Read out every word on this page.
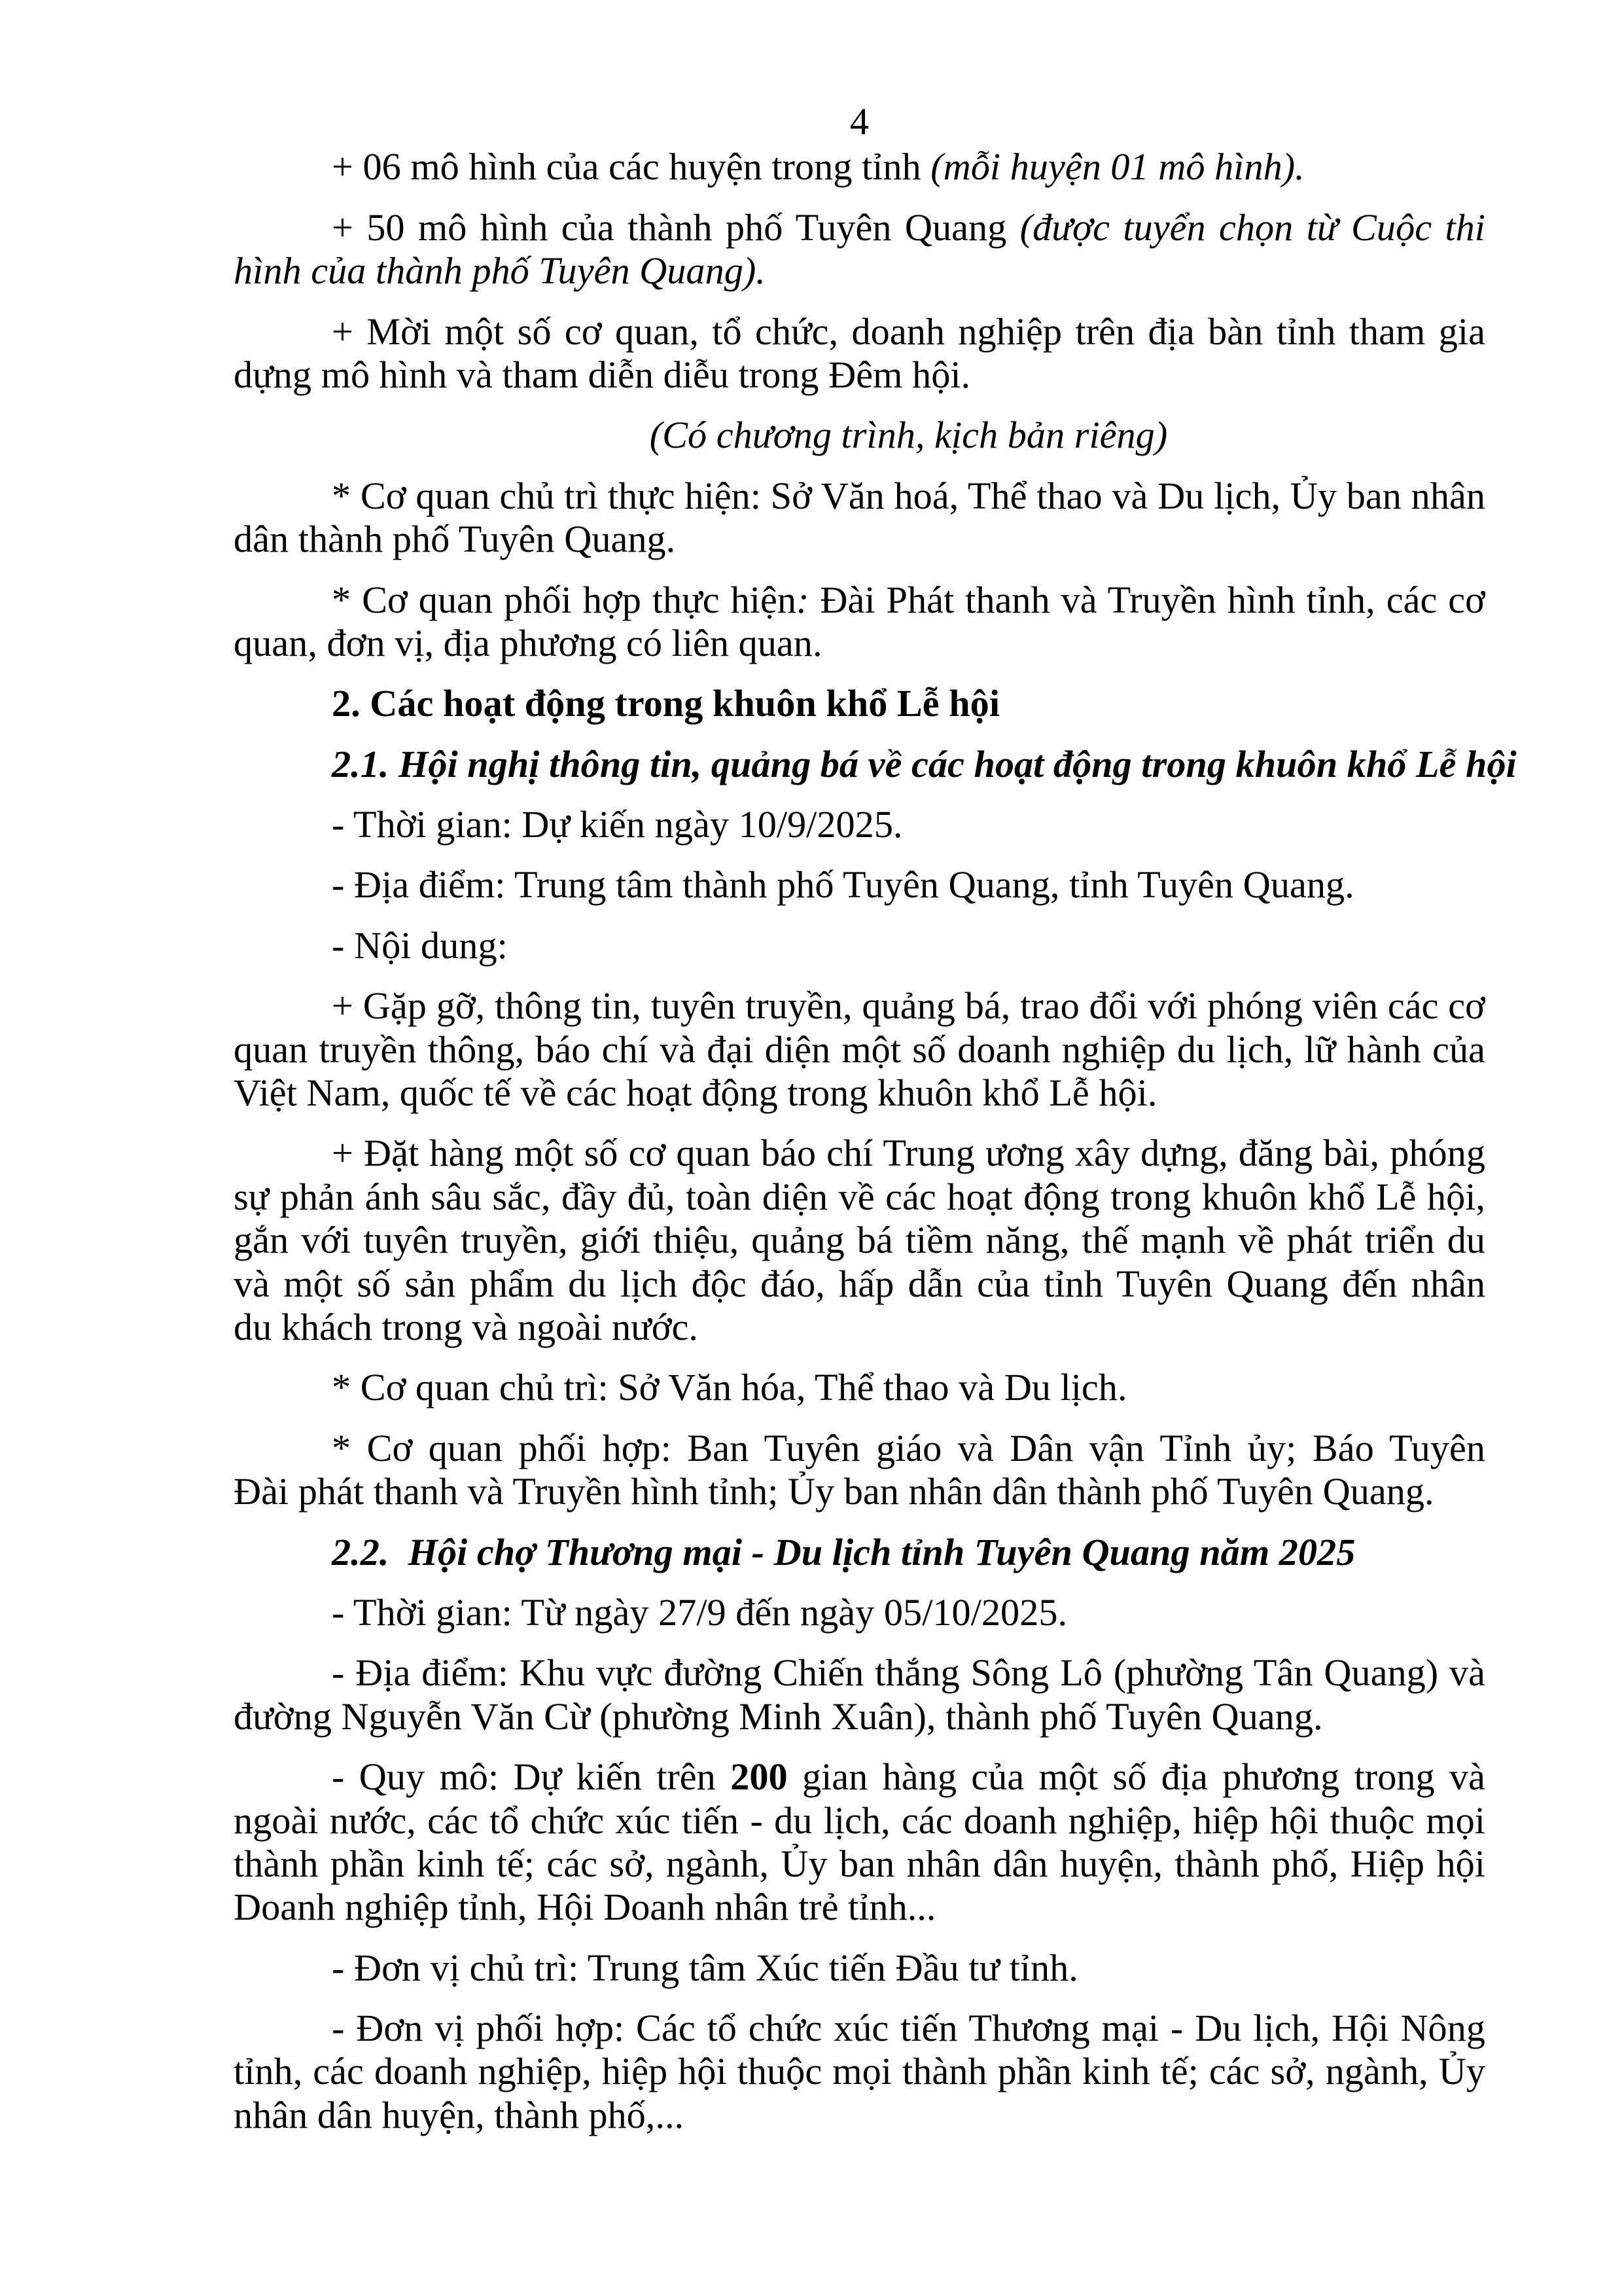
4
+ 06 mô hình của các huyện trong tỉnh (mỗi huyện 01 mô hình).
+ 50 mô hình của thành phố Tuyên Quang (được tuyển chọn từ Cuộc thi
hình của thành phố Tuyên Quang).
+ Mời một số cơ quan, tổ chức, doanh nghiệp trên địa bàn tỉnh tham gia
dựng mô hình và tham diễn diễu trong Đêm hội.
(Có chương trình, kịch bản riêng)
* Cơ quan chủ trì thực hiện: Sở Văn hoá, Thể thao và Du lịch, Ủy ban nhân
dân thành phố Tuyên Quang.
* Cơ quan phối hợp thực hiện: Đài Phát thanh và Truyền hình tỉnh, các cơ
quan, đơn vị, địa phương có liên quan.
2. Các hoạt động trong khuôn khổ Lễ hội
2.1. Hội nghị thông tin, quảng bá về các hoạt động trong khuôn khổ Lễ hội
- Thời gian: Dự kiến ngày 10/9/2025.
- Địa điểm: Trung tâm thành phố Tuyên Quang, tỉnh Tuyên Quang.
- Nội dung:
+ Gặp gỡ, thông tin, tuyên truyền, quảng bá, trao đổi với phóng viên các cơ
quan truyền thông, báo chí và đại diện một số doanh nghiệp du lịch, lữ hành của
Việt Nam, quốc tế về các hoạt động trong khuôn khổ Lễ hội.
+ Đặt hàng một số cơ quan báo chí Trung ương xây dựng, đăng bài, phóng
sự phản ánh sâu sắc, đầy đủ, toàn diện về các hoạt động trong khuôn khổ Lễ hội,
gắn với tuyên truyền, giới thiệu, quảng bá tiềm năng, thế mạnh về phát triển du
và một số sản phẩm du lịch độc đáo, hấp dẫn của tỉnh Tuyên Quang đến nhân
du khách trong và ngoài nước.
* Cơ quan chủ trì: Sở Văn hóa, Thể thao và Du lịch.
* Cơ quan phối hợp: Ban Tuyên giáo và Dân vận Tỉnh ủy; Báo Tuyên
Đài phát thanh và Truyền hình tỉnh; Ủy ban nhân dân thành phố Tuyên Quang.
2.2.  Hội chợ Thương mại - Du lịch tỉnh Tuyên Quang năm 2025
- Thời gian: Từ ngày 27/9 đến ngày 05/10/2025.
- Địa điểm: Khu vực đường Chiến thắng Sông Lô (phường Tân Quang) và
đường Nguyễn Văn Cừ (phường Minh Xuân), thành phố Tuyên Quang.
- Quy mô: Dự kiến trên 200 gian hàng của một số địa phương trong và
ngoài nước, các tổ chức xúc tiến - du lịch, các doanh nghiệp, hiệp hội thuộc mọi
thành phần kinh tế; các sở, ngành, Ủy ban nhân dân huyện, thành phố, Hiệp hội
Doanh nghiệp tỉnh, Hội Doanh nhân trẻ tỉnh...
- Đơn vị chủ trì: Trung tâm Xúc tiến Đầu tư tỉnh.
- Đơn vị phối hợp: Các tổ chức xúc tiến Thương mại - Du lịch, Hội Nông
tỉnh, các doanh nghiệp, hiệp hội thuộc mọi thành phần kinh tế; các sở, ngành, Ủy
nhân dân huyện, thành phố,...
